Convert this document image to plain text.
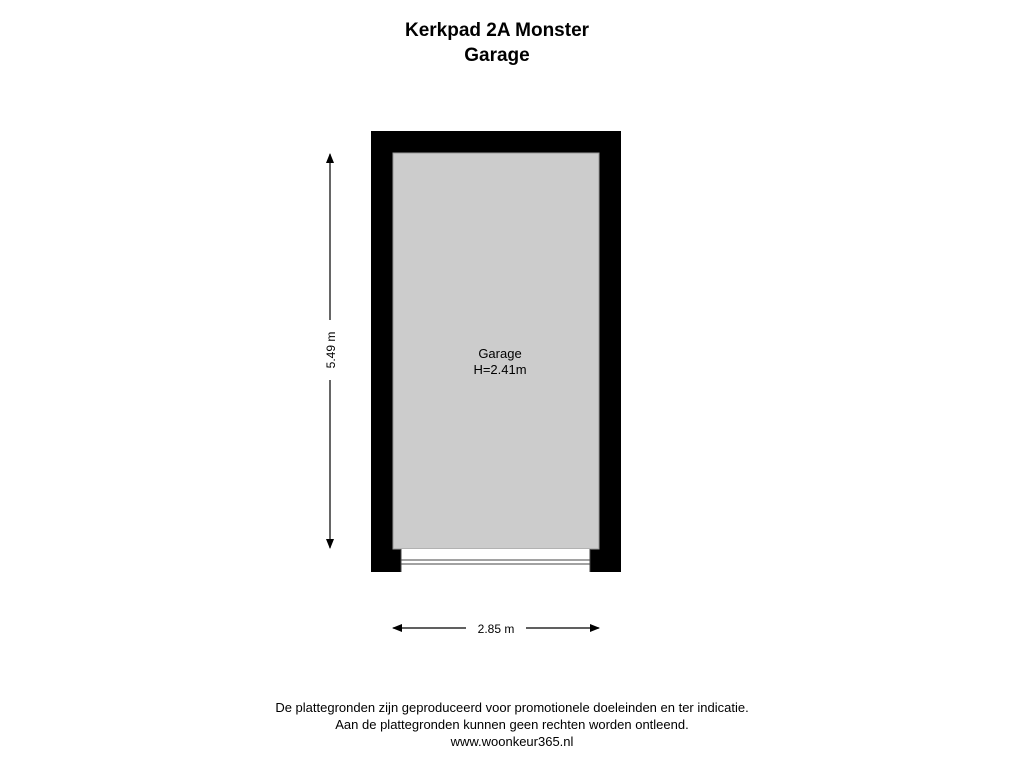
Kerkpad 2A Monster
Garage
Garage
H=2.41m
5.49 m
2.85 m
De plattegronden zijn geproduceerd voor promotionele doeleinden en ter indicatie.
Aan de plattegronden kunnen geen rechten worden ontleend.
www.woonkeur365.nl
